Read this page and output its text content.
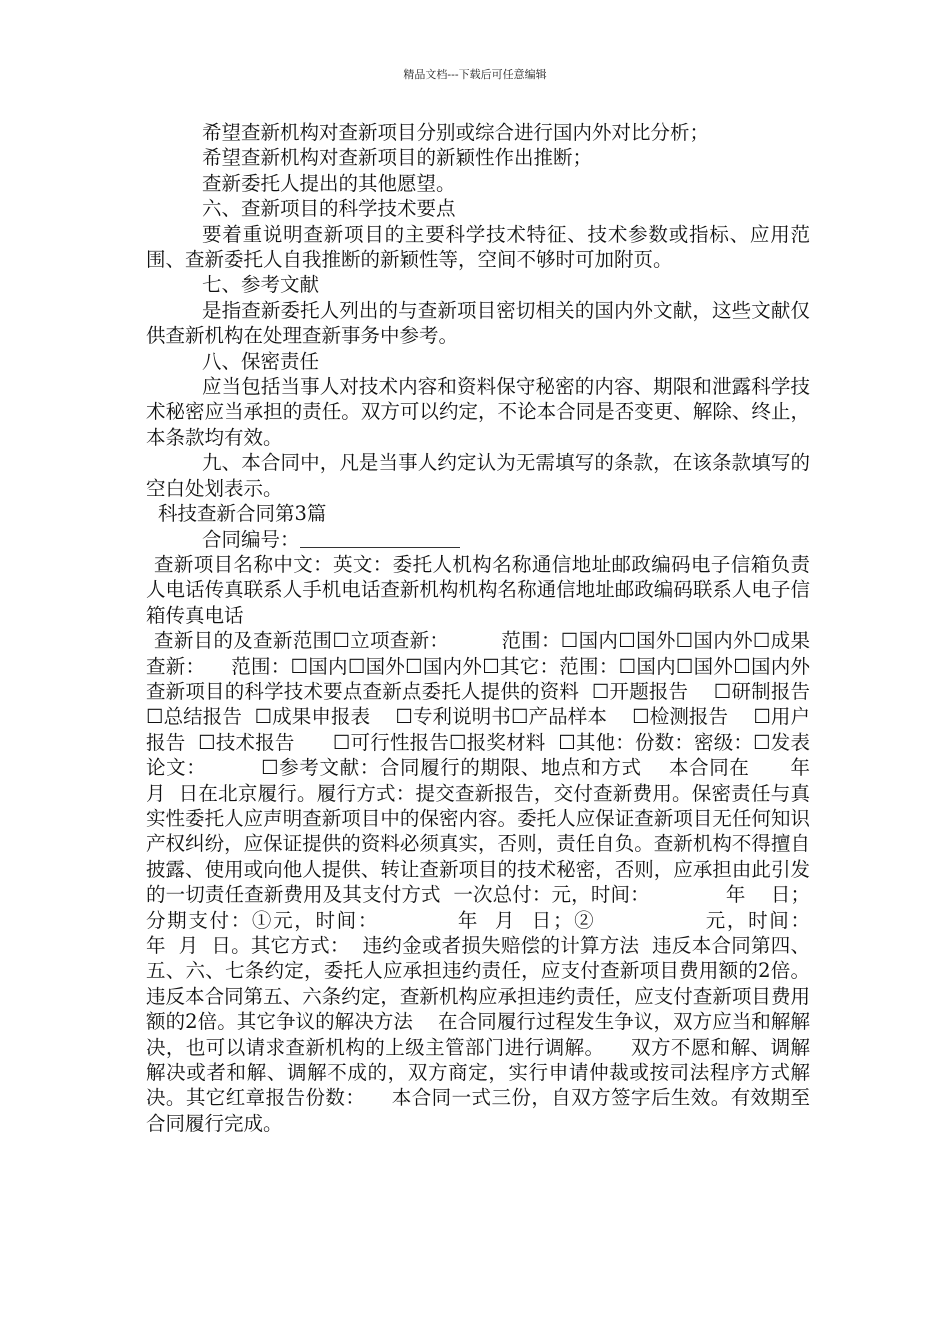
精品文档---下载后可任意编辑

希望查新机构对查新项目分别或综合进行国内外对比分析；

希望查新机构对查新项目的新颖性作出推断；

查新委托人提出的其他愿望。

六、查新项目的科学技术要点

要着重说明查新项目的主要科学技术特征、技术参数或指标、应用范围、查新委托人自我推断的新颖性等，空间不够时可加附页。

七、参考文献

是指查新委托人列出的与查新项目密切相关的国内外文献，这些文献仅供查新机构在处理查新事务中参考。

八、保密责任

应当包括当事人对技术内容和资料保守秘密的内容、期限和泄露科学技术秘密应当承担的责任。双方可以约定，不论本合同是否变更、解除、终止，本条款均有效。

九、本合同中，凡是当事人约定认为无需填写的条款，在该条款填写的空白处划表示。

科技查新合同第3篇

合同编号：

查新项目名称中文：英文：委托人机构名称通信地址邮政编码电子信箱负责人电话传真联系人手机电话查新机构机构名称通信地址邮政编码联系人电子信箱传真电话

查新目的及查新范围☐立项查新：        范围：☐国内☐国外☐国内外☐成果查新：    范围：☐国内☐国外☐国内外☐其它：范围：☐国内☐国外☐国内外查新项目的科学技术要点查新点委托人提供的资料  ☐开题报告    ☐研制报告  ☐总结报告  ☐成果申报表    ☐专利说明书☐产品样本    ☐检测报告    ☐用户报告  ☐技术报告      ☐可行性报告☐报奖材料  ☐其他：份数：密级：☐发表论文：        ☐参考文献：合同履行的期限、地点和方式    本合同在      年  月  日在北京履行。履行方式：提交查新报告，交付查新费用。保密责任与真实性委托人应声明查新项目中的保密内容。委托人应保证查新项目无任何知识产权纠纷，应保证提供的资料必须真实，否则，责任自负。查新机构不得擅自披露、使用或向他人提供、转让查新项目的技术秘密，否则，应承担由此引发的一切责任查新费用及其支付方式  一次总付：元，时间：            年    日；    分期支付：①元，时间：          年  月  日；②              元，时间：          年  月  日。其它方式：  违约金或者损失赔偿的计算方法  违反本合同第四、五、六、七条约定，委托人应承担违约责任，应支付查新项目费用额的2倍。违反本合同第五、六条约定，查新机构应承担违约责任，应支付查新项目费用额的2倍。其它争议的解决方法    在合同履行过程发生争议，双方应当和解解决，也可以请求查新机构的上级主管部门进行调解。    双方不愿和解、调解解决或者和解、调解不成的，双方商定，实行申请仲裁或按司法程序方式解决。其它红章报告份数：    本合同一式三份，自双方签字后生效。有效期至合同履行完成。
